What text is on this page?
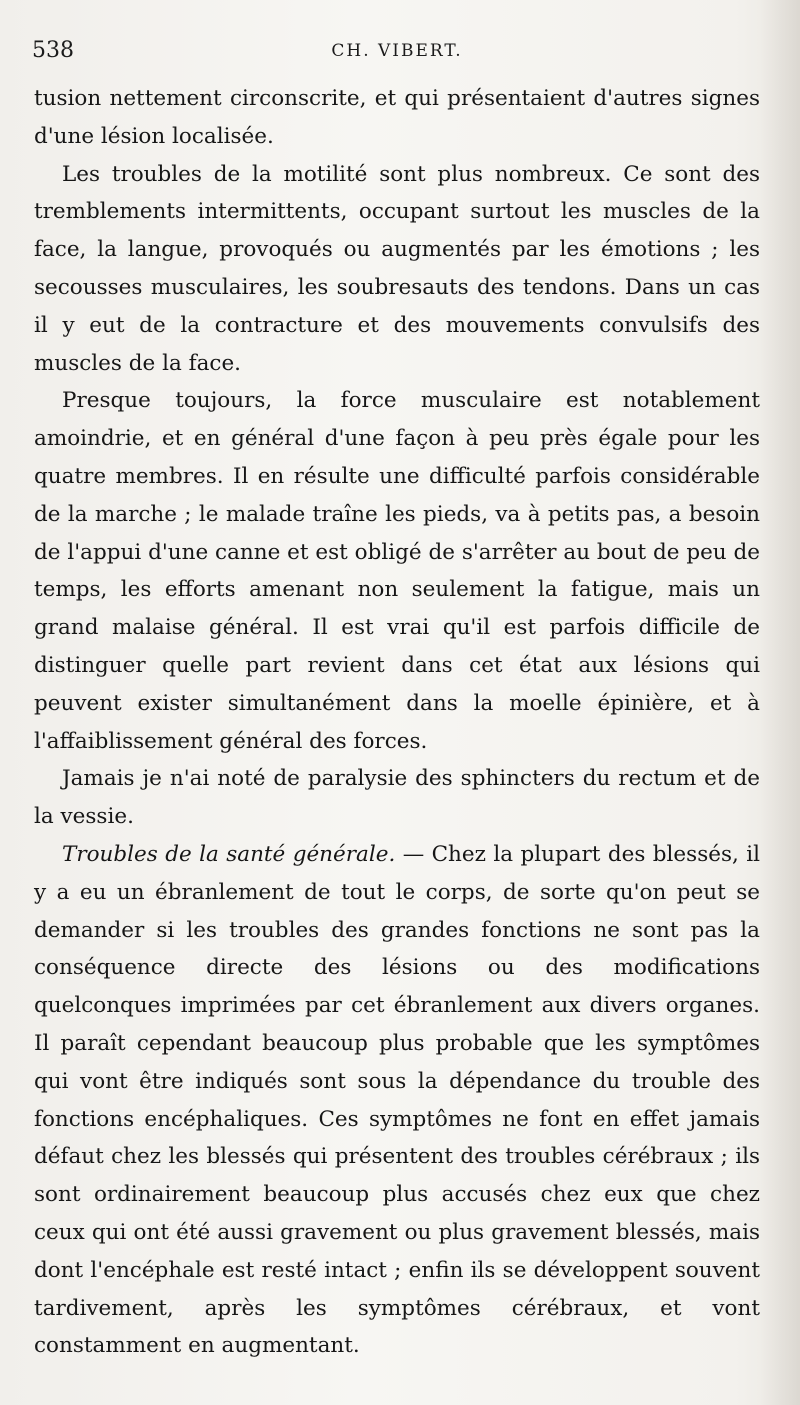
538	CH. VIBERT.

tusion nettement circonscrite, et qui présentaient d'autres signes d'une lésion localisée.

Les troubles de la motilité sont plus nombreux. Ce sont des tremblements intermittents, occupant surtout les muscles de la face, la langue, provoqués ou augmentés par les émotions ; les secousses musculaires, les soubresauts des tendons. Dans un cas il y eut de la contracture et des mouvements convulsifs des muscles de la face.

Presque toujours, la force musculaire est notablement amoindrie, et en général d'une façon à peu près égale pour les quatre membres. Il en résulte une difficulté parfois considérable de la marche ; le malade traîne les pieds, va à petits pas, a besoin de l'appui d'une canne et est obligé de s'arrêter au bout de peu de temps, les efforts amenant non seulement la fatigue, mais un grand malaise général. Il est vrai qu'il est parfois difficile de distinguer quelle part revient dans cet état aux lésions qui peuvent exister simultanément dans la moelle épinière, et à l'affaiblissement général des forces.

Jamais je n'ai noté de paralysie des sphincters du rectum et de la vessie.

Troubles de la santé générale. — Chez la plupart des blessés, il y a eu un ébranlement de tout le corps, de sorte qu'on peut se demander si les troubles des grandes fonctions ne sont pas la conséquence directe des lésions ou des modifications quelconques imprimées par cet ébranlement aux divers organes. Il paraît cependant beaucoup plus probable que les symptômes qui vont être indiqués sont sous la dépendance du trouble des fonctions encéphaliques. Ces symptômes ne font en effet jamais défaut chez les blessés qui présentent des troubles cérébraux ; ils sont ordinairement beaucoup plus accusés chez eux que chez ceux qui ont été aussi gravement ou plus gravement blessés, mais dont l'encéphale est resté intact ; enfin ils se développent souvent tardivement, après les symptômes cérébraux, et vont constamment en augmentant.
